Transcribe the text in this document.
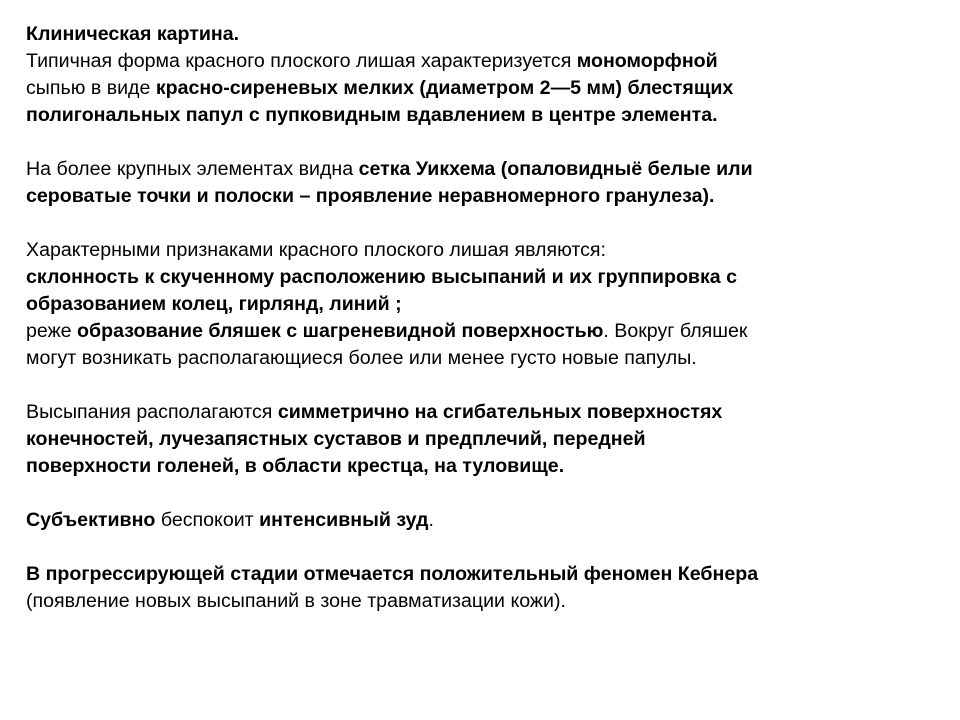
Клиническая картина.
Типичная форма красного плоского лишая характеризуется мономорфной
сыпью в виде красно-сиреневых мелких (диаметром 2—5 мм) блестящих
полигональных папул с пупковидным вдавлением в центре элемента.
На более крупных элементах видна сетка Уикхема (опаловидныё белые или
сероватые точки и полоски – проявление неравномерного гранулеза).
Характерными признаками красного плоского лишая являются:
склонность к скученному расположению высыпаний и их группировка с
образованием колец, гирлянд, линий ;
реже образование бляшек с шагреневидной поверхностью. Вокруг бляшек
могут возникать располагающиеся более или менее густо новые папулы.
Высыпания располагаются симметрично на сгибательных поверхностях
конечностей, лучезапястных суставов и предплечий, передней
поверхности голеней, в области крестца, на туловище.
Субъективно беспокоит интенсивный зуд.
В прогрессирующей стадии отмечается положительный феномен Кебнера
(появление новых высыпаний в зоне травматизации кожи).
